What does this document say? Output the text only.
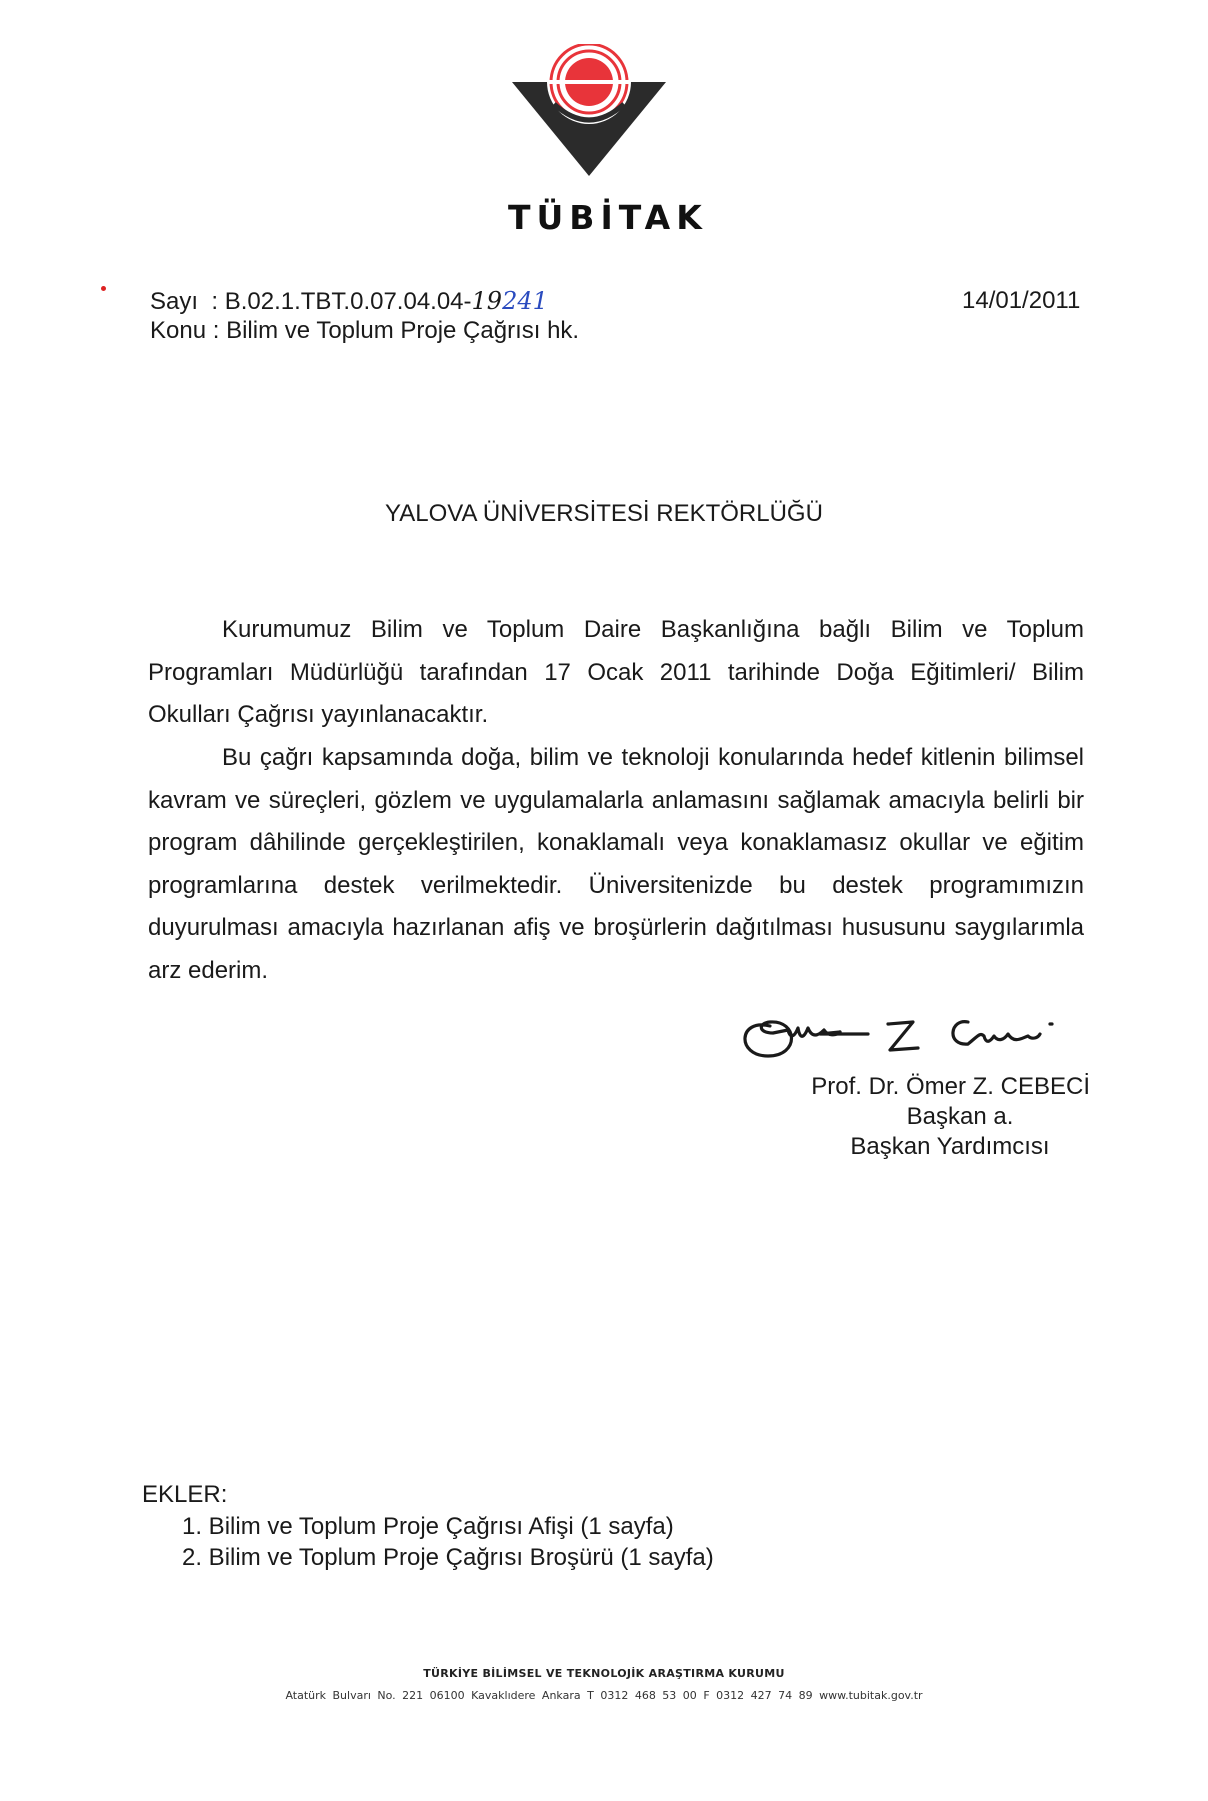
TÜBİTAK
Sayı  : B.02.1.TBT.0.07.04.04-19241
Konu : Bilim ve Toplum Proje Çağrısı hk.
14/01/2011
YALOVA ÜNİVERSİTESİ REKTÖRLÜĞÜ

Kurumumuz Bilim ve Toplum Daire Başkanlığına bağlı Bilim ve Toplum Programları Müdürlüğü tarafından 17 Ocak 2011 tarihinde Doğa Eğitimleri/ Bilim Okulları Çağrısı yayınlanacaktır.

Bu çağrı kapsamında doğa, bilim ve teknoloji konularında hedef kitlenin bilimsel kavram ve süreçleri, gözlem ve uygulamalarla anlamasını sağlamak amacıyla belirli bir program dâhilinde gerçekleştirilen, konaklamalı veya konaklamasız okullar ve eğitim programlarına destek verilmektedir. Üniversitenizde bu destek programımızın duyurulması amacıyla hazırlanan afiş ve broşürlerin dağıtılması hususunu saygılarımla arz ederim.

Prof. Dr. Ömer Z. CEBECİ
Başkan a.
Başkan Yardımcısı
EKLER:
1. Bilim ve Toplum Proje Çağrısı Afişi (1 sayfa)
2. Bilim ve Toplum Proje Çağrısı Broşürü (1 sayfa)
TÜRKİYE BİLİMSEL VE TEKNOLOJİK ARAŞTIRMA KURUMU
Atatürk Bulvarı No. 221 06100 Kavaklıdere Ankara T 0312 468 53 00 F 0312 427 74 89 www.tubitak.gov.tr
